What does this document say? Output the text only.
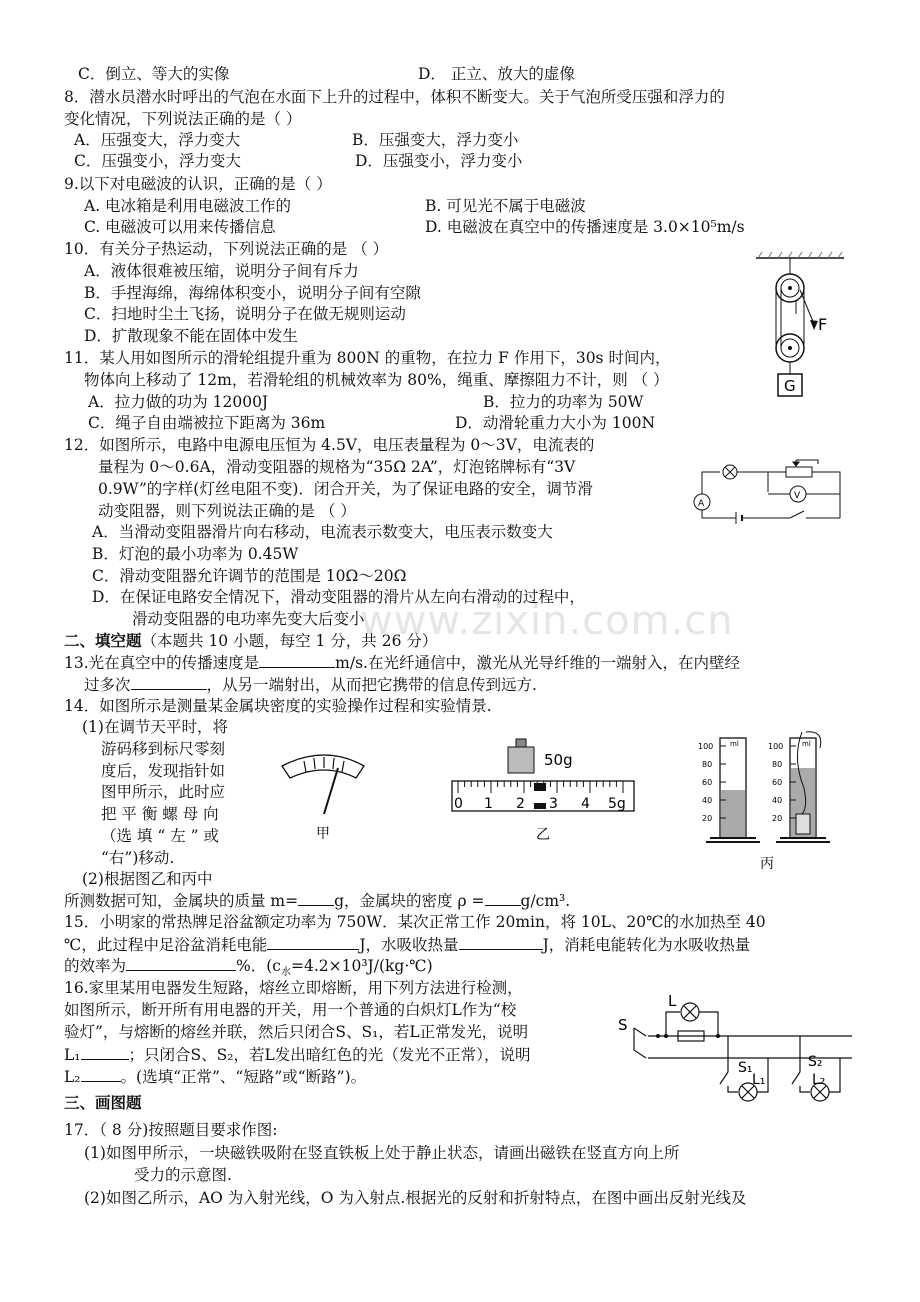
www.zixin.com.cn
C．倒立、等大的实像	D． 正立、放大的虚像
8．潜水员潜水时呼出的气泡在水面下上升的过程中，体积不断变大。关于气泡所受压强和浮力的
变化情况，下列说法正确的是（ ）
A．压强变大，浮力变大	B．压强变大，浮力变小
C．压强变小，浮力变大	D．压强变小，浮力变小
9.以下对电磁波的认识，正确的是（ ）
A. 电冰箱是利用电磁波工作的	B. 可见光不属于电磁波
C. 电磁波可以用来传播信息	D. 电磁波在真空中的传播速度是 3.0×10⁵m/s
10．有关分子热运动，下列说法正确的是 （ ）
A．液体很难被压缩，说明分子间有斥力
B．手捏海绵，海绵体积变小，说明分子间有空隙
C．扫地时尘土飞扬，说明分子在做无规则运动
D．扩散现象不能在固体中发生
F
G
11．某人用如图所示的滑轮组提升重为 800N 的重物，在拉力 F 作用下，30s 时间内，
物体向上移动了 12m，若滑轮组的机械效率为 80%，绳重、摩擦阻力不计，则 （ ）
A．拉力做的功为 12000J	B．拉力的功率为 50W
C．绳子自由端被拉下距离为 36m	D．动滑轮重力大小为 100N
A
V
12．如图所示，电路中电源电压恒为 4.5V，电压表量程为 0～3V，电流表的
量程为 0～0.6A，滑动变阻器的规格为“35Ω 2A”，灯泡铭牌标有“3V
0.9W”的字样(灯丝电阻不变)．闭合开关，为了保证电路的安全，调节滑
动变阻器，则下列说法正确的是 （ ）
A．当滑动变阻器滑片向右移动，电流表示数变大，电压表示数变大
B．灯泡的最小功率为 0.45W
C．滑动变阻器允许调节的范围是 10Ω～20Ω
D．在保证电路安全情况下，滑动变阻器的滑片从左向右滑动的过程中，
滑动变阻器的电功率先变大后变小
二、填空题（本题共 10 小题，每空 1 分，共 26 分）
13.光在真空中的传播速度是	m/s.在光纤通信中，激光从光导纤维的一端射入，在内壁经
过多次	，从另一端射出，从而把它携带的信息传到远方.
14．如图所示是测量某金属块密度的实验操作过程和实验情景.
(1)在调节天平时，将
游码移到标尺零刻
度后，发现指针如
图甲所示，此时应
把 平 衡 螺 母 向
（选 填 “ 左 ” 或
“右”)移动.
(2)根据图乙和丙中
所测数据可知，金属块的质量 m= g，金属块的密度 ρ = g/cm³.
甲
50g
0 1 2 3 4 5g
乙
100
80
60
40
20
ml	100
80
60
40
20
ml
丙
15．小明家的常热牌足浴盆额定功率为 750W．某次正常工作 20min，将 10L、20℃的水加热至 40
℃，此过程中足浴盆消耗电能	J，水吸收热量	J，消耗电能转化为水吸收热量
的效率为	%．($c_水=4.2\times 10^3J/(kg\cdot℃)$
16.家里某用电器发生短路，熔丝立即熔断，用下列方法进行检测，
如图所示，断开所有用电器的开关，用一个普通的白炽灯L作为“校
验灯”，与熔断的熔丝并联，然后只闭合S、S₁，若L正常发光，说明
L₁	；只闭合S、S₂，若L发出暗红色的光（发光不正常），说明
L₂	。(选填“正常”、“短路”或“断路”)。
S
L
S₁
L₁
S₂
L₂
三、画图题
17．（ 8 分)按照题目要求作图:
(1)如图甲所示，一块磁铁吸附在竖直铁板上处于静止状态，请画出磁铁在竖直方向上所
受力的示意图.
(2)如图乙所示，AO 为入射光线，O 为入射点.根据光的反射和折射特点，在图中画出反射光线及
